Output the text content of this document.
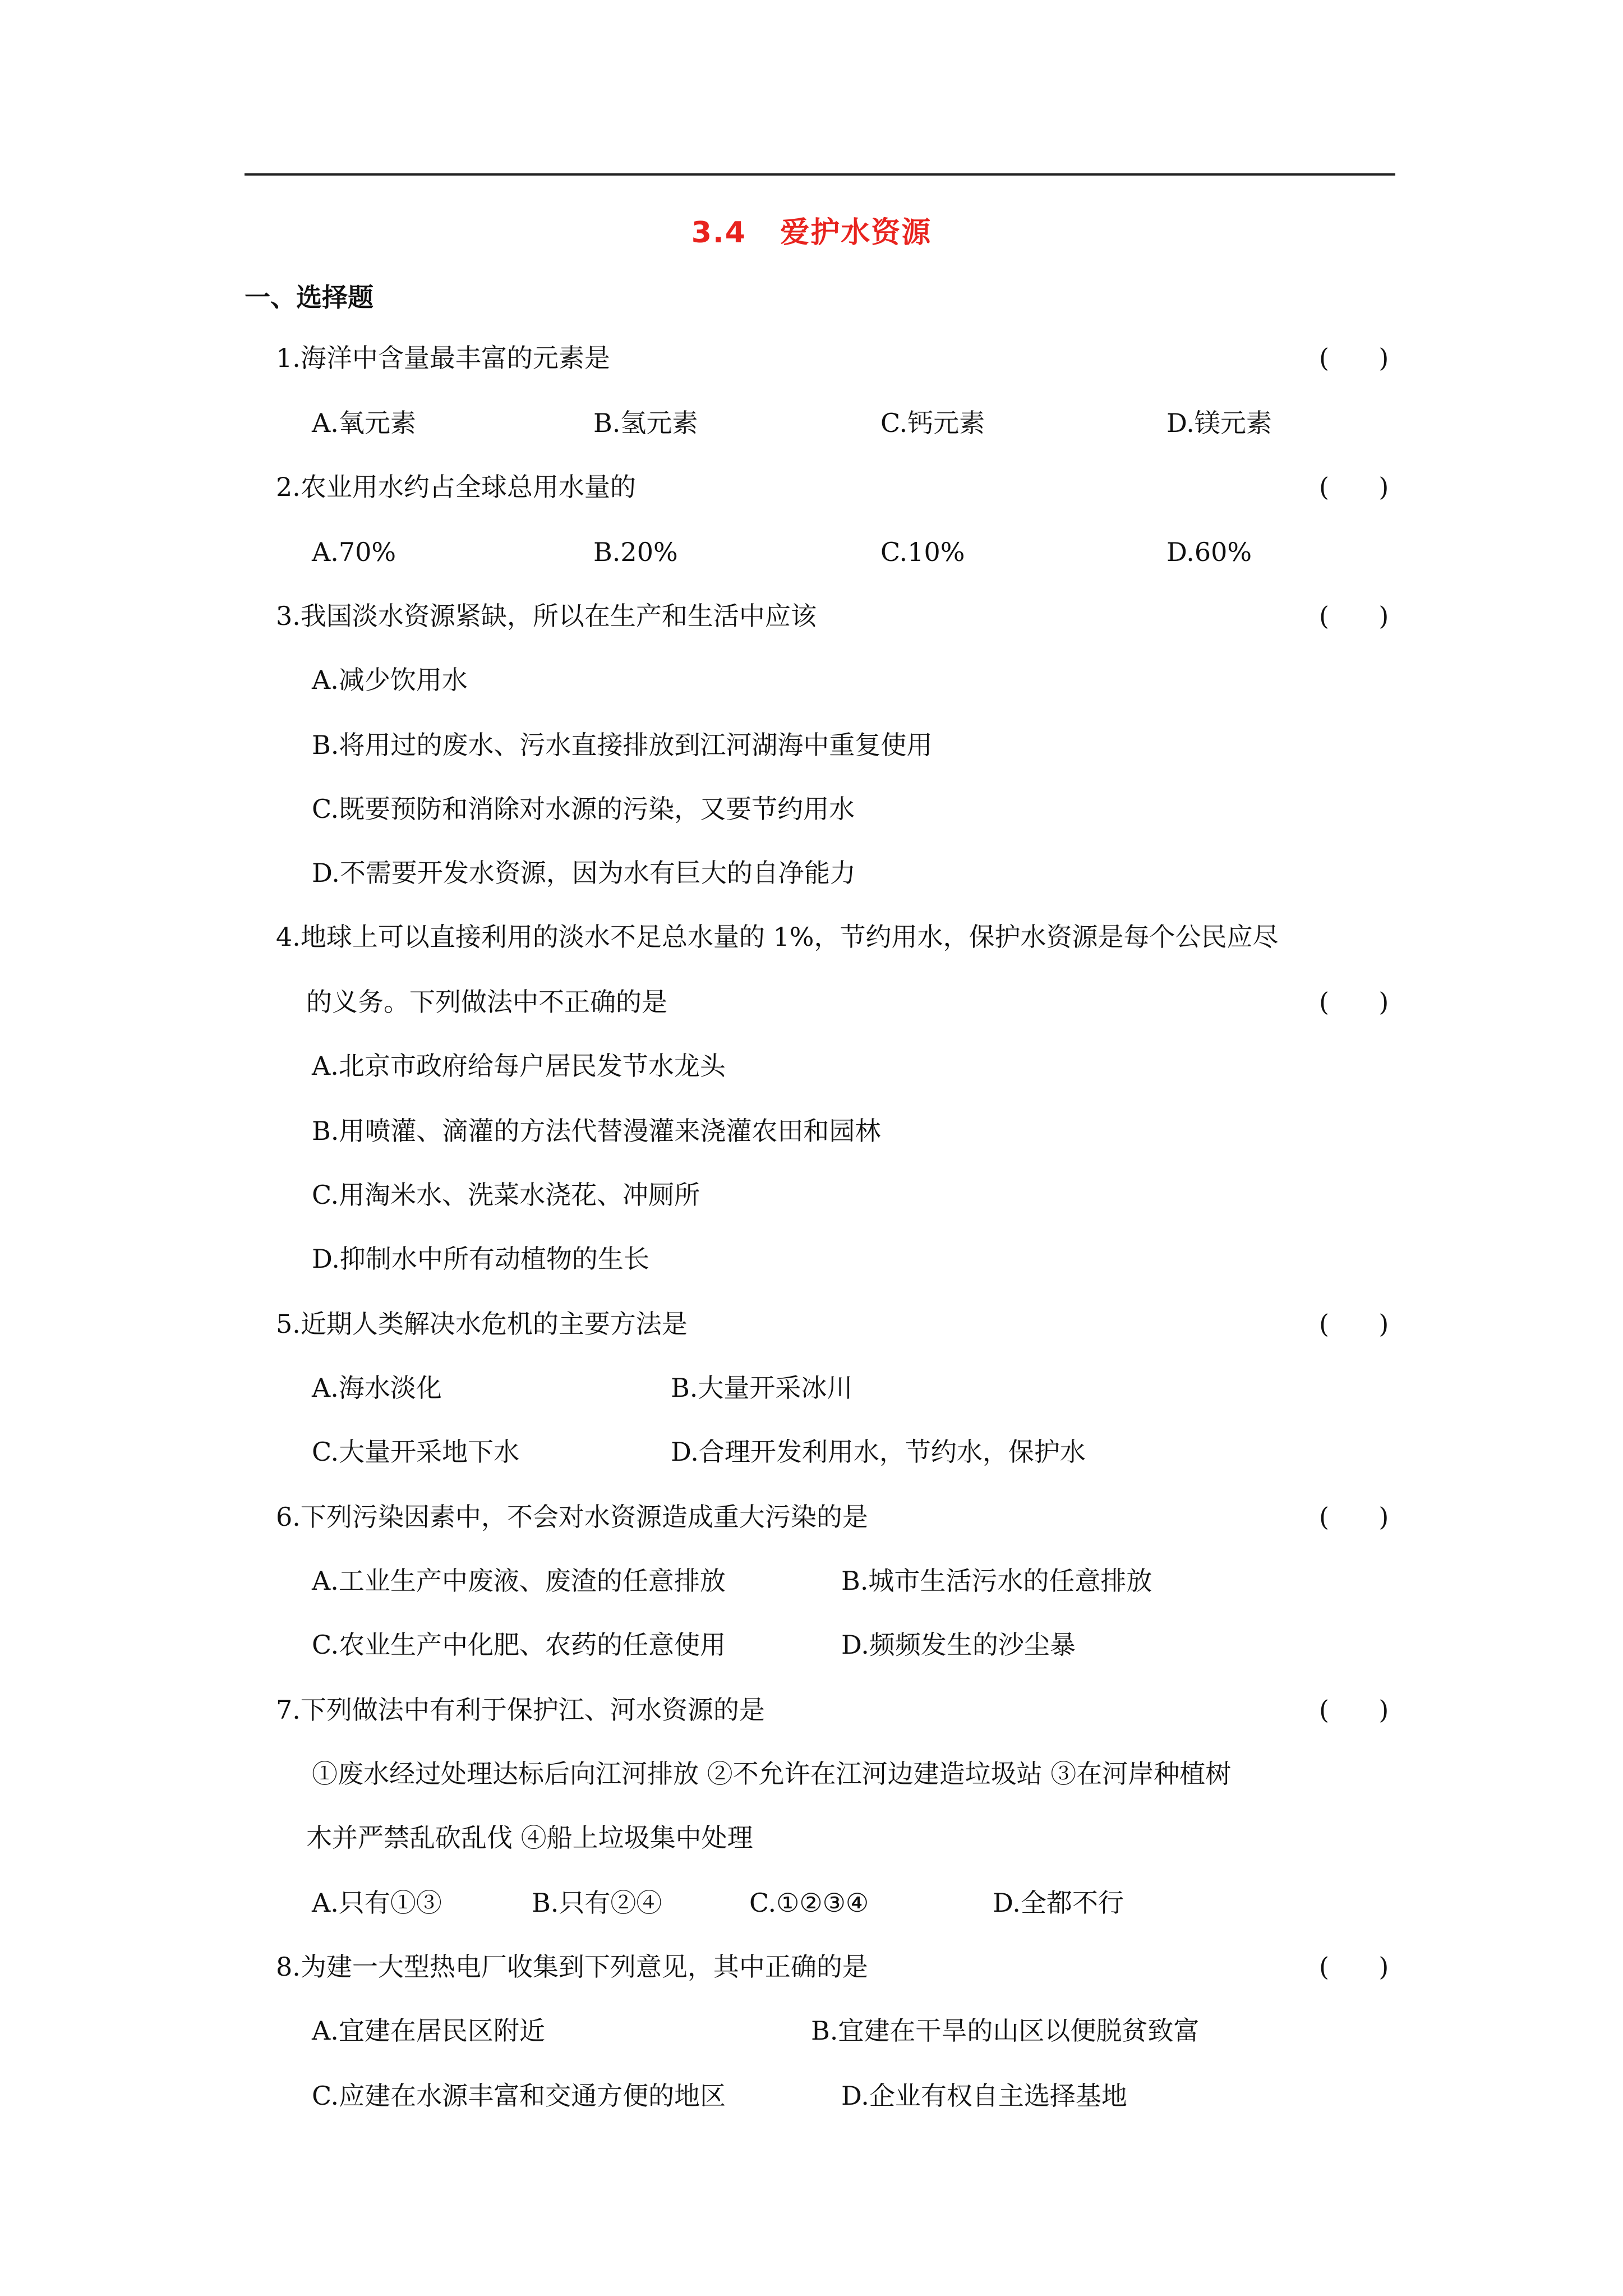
3.4   爱护水资源
一、选择题
1.海洋中含量最丰富的元素是	(    )
A.氧元素	B.氢元素	C.钙元素	D.镁元素
2.农业用水约占全球总用水量的	(    )
A.70%	B.20%	C.10%	D.60%
3.我国淡水资源紧缺，所以在生产和生活中应该	(    )
A.减少饮用水
B.将用过的废水、污水直接排放到江河湖海中重复使用
C.既要预防和消除对水源的污染，又要节约用水
D.不需要开发水资源，因为水有巨大的自净能力
4.地球上可以直接利用的淡水不足总水量的 1%，节约用水，保护水资源是每个公民应尽
的义务。下列做法中不正确的是	(    )
A.北京市政府给每户居民发节水龙头
B.用喷灌、滴灌的方法代替漫灌来浇灌农田和园林
C.用淘米水、洗菜水浇花、冲厕所
D.抑制水中所有动植物的生长
5.近期人类解决水危机的主要方法是	(    )
A.海水淡化	B.大量开采冰川
C.大量开采地下水	D.合理开发利用水，节约水，保护水
6.下列污染因素中，不会对水资源造成重大污染的是	(    )
A.工业生产中废液、废渣的任意排放	B.城市生活污水的任意排放
C.农业生产中化肥、农药的任意使用	D.频频发生的沙尘暴
7.下列做法中有利于保护江、河水资源的是	(    )
①废水经过处理达标后向江河排放 ②不允许在江河边建造垃圾站 ③在河岸种植树
木并严禁乱砍乱伐 ④船上垃圾集中处理
A.只有①③	B.只有②④	C.①②③④	D.全都不行
8.为建一大型热电厂收集到下列意见，其中正确的是	(    )
A.宜建在居民区附近	B.宜建在干旱的山区以便脱贫致富
C.应建在水源丰富和交通方便的地区	D.企业有权自主选择基地
